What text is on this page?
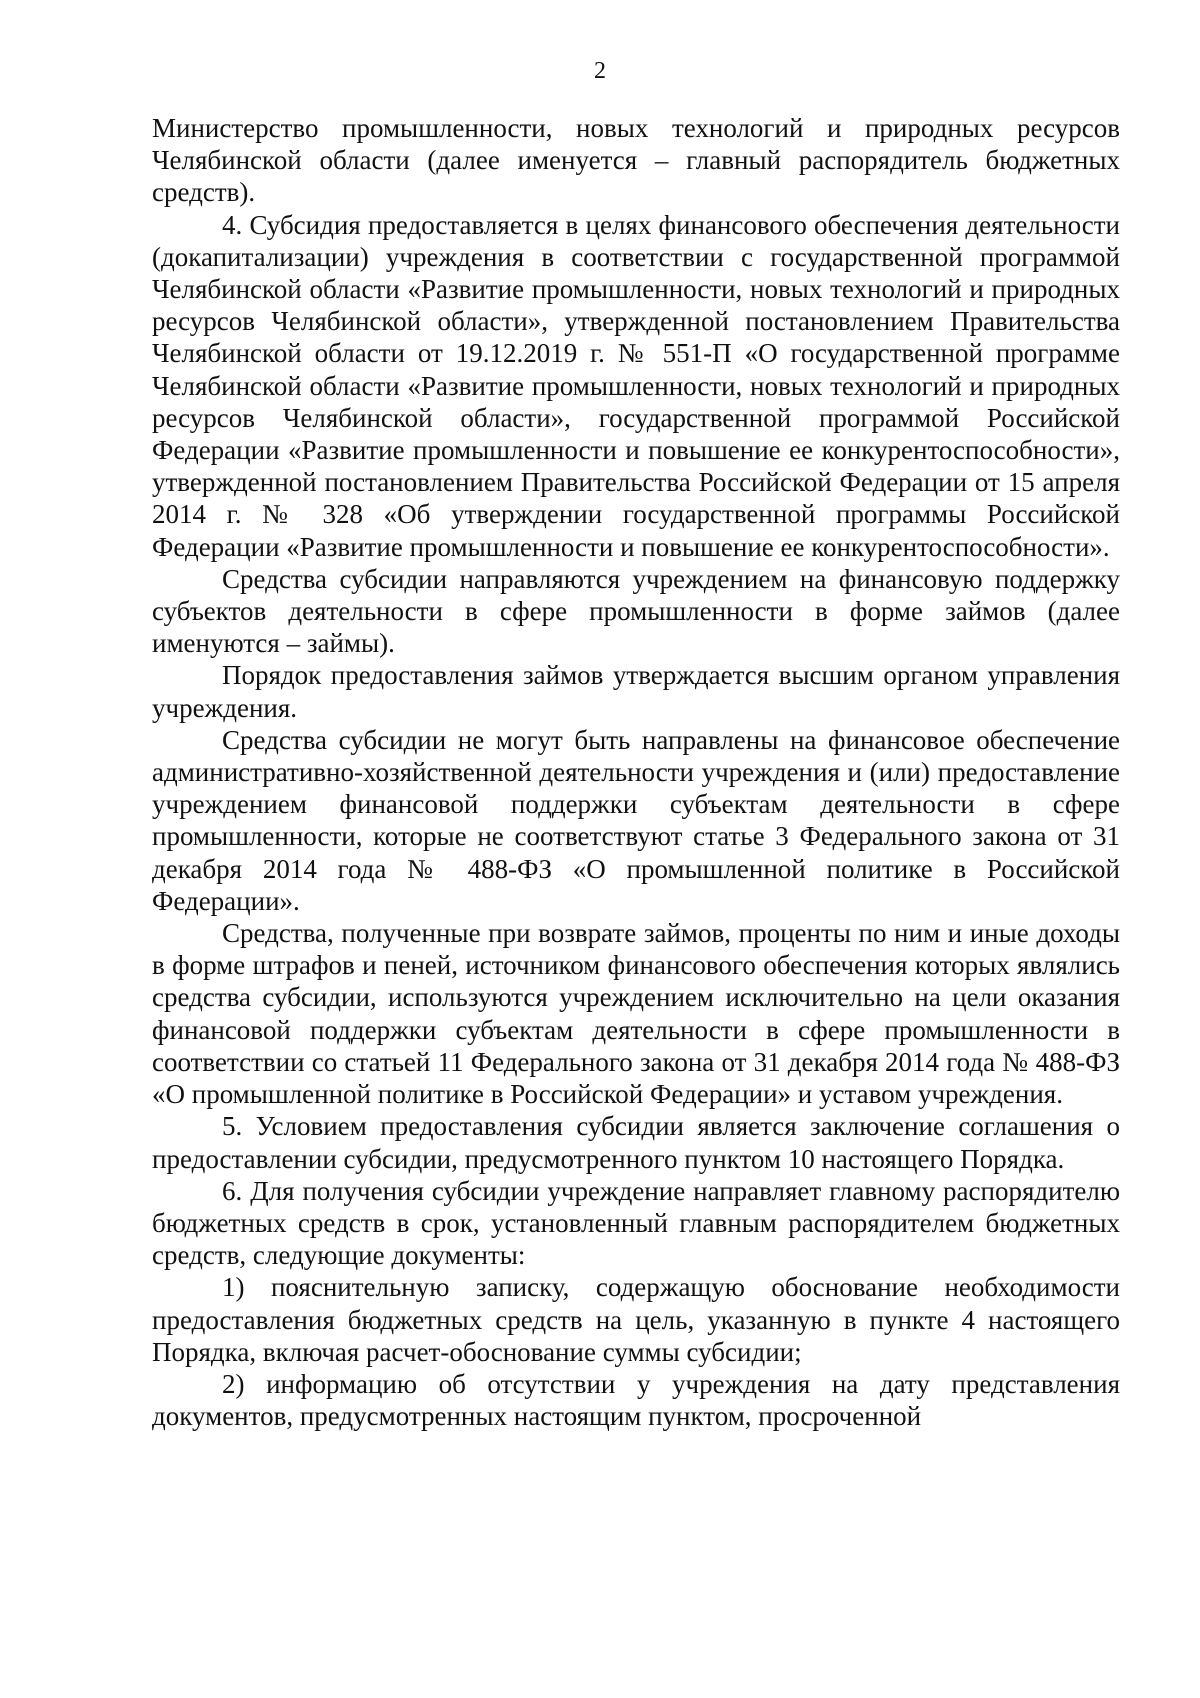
2

Министерство промышленности, новых технологий и природных ресурсов Челябинской области (далее именуется – главный распорядитель бюджетных средств).

4. Субсидия предоставляется в целях финансового обеспечения деятельности (докапитализации) учреждения в соответствии с государственной программой Челябинской области «Развитие промышленности, новых технологий и природных ресурсов Челябинской области», утвержденной постановлением Правительства Челябинской области от 19.12.2019 г. № 551-П «О государственной программе Челябинской области «Развитие промышленности, новых технологий и природных ресурсов Челябинской области», государственной программой Российской Федерации «Развитие промышленности и повышение ее конкурентоспособности», утвержденной постановлением Правительства Российской Федерации от 15 апреля 2014 г. № 328 «Об утверждении государственной программы Российской Федерации «Развитие промышленности и повышение ее конкурентоспособности».

Средства субсидии направляются учреждением на финансовую поддержку субъектов деятельности в сфере промышленности в форме займов (далее именуются – займы).

Порядок предоставления займов утверждается высшим органом управления учреждения.

Средства субсидии не могут быть направлены на финансовое обеспечение административно-хозяйственной деятельности учреждения и (или) предоставление учреждением финансовой поддержки субъектам деятельности в сфере промышленности, которые не соответствуют статье 3 Федерального закона от 31 декабря 2014 года № 488-ФЗ «О промышленной политике в Российской Федерации».

Средства, полученные при возврате займов, проценты по ним и иные доходы в форме штрафов и пеней, источником финансового обеспечения которых являлись средства субсидии, используются учреждением исключительно на цели оказания финансовой поддержки субъектам деятельности в сфере промышленности в соответствии со статьей 11 Федерального закона от 31 декабря 2014 года № 488-ФЗ «О промышленной политике в Российской Федерации» и уставом учреждения.

5. Условием предоставления субсидии является заключение соглашения о предоставлении субсидии, предусмотренного пунктом 10 настоящего Порядка.

6. Для получения субсидии учреждение направляет главному распорядителю бюджетных средств в срок, установленный главным распорядителем бюджетных средств, следующие документы:

1) пояснительную записку, содержащую обоснование необходимости предоставления бюджетных средств на цель, указанную в пункте 4 настоящего Порядка, включая расчет-обоснование суммы субсидии;

2) информацию об отсутствии у учреждения на дату представления документов, предусмотренных настоящим пунктом, просроченной
